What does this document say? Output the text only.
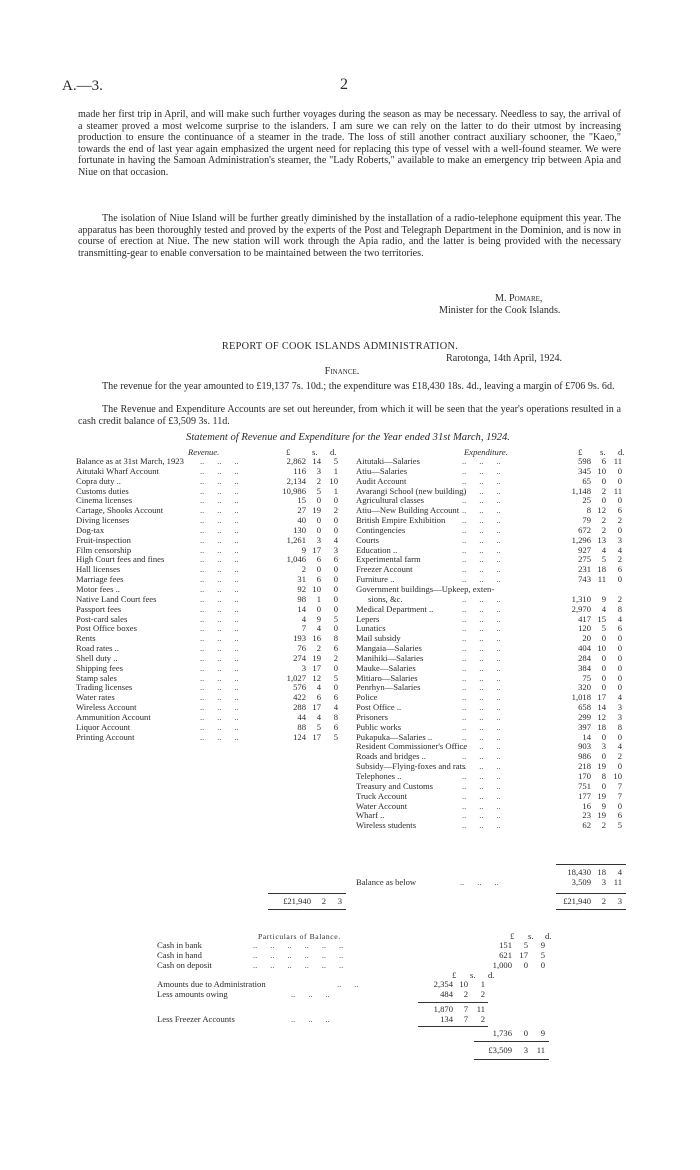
A.—3.	2
made her first trip in April, and will make such further voyages during the season as may be necessary. Needless to say, the arrival of a steamer proved a most welcome surprise to the islanders. I am sure we can rely on the latter to do their utmost by increasing production to ensure the continuance of a steamer in the trade. The loss of still another contract auxiliary schooner, the "Kaeo," towards the end of last year again emphasized the urgent need for replacing this type of vessel with a well-found steamer. We were fortunate in having the Samoan Administration's steamer, the "Lady Roberts," available to make an emergency trip between Apia and Niue on that occasion.
The isolation of Niue Island will be further greatly diminished by the installation of a radio-telephone equipment this year. The apparatus has been thoroughly tested and proved by the experts of the Post and Telegraph Department in the Dominion, and is now in course of erection at Niue. The new station will work through the Apia radio, and the latter is being provided with the necessary transmitting-gear to enable conversation to be maintained between the two territories.
M. Pomare,
Minister for the Cook Islands.
REPORT OF COOK ISLANDS ADMINISTRATION.
Rarotonga, 14th April, 1924.
Finance.
The revenue for the year amounted to £19,137 7s. 10d.; the expenditure was £18,430 18s. 4d., leaving a margin of £706 9s. 6d.
The Revenue and Expenditure Accounts are set out hereunder, from which it will be seen that the year's operations resulted in a cash credit balance of £3,509 3s. 11d.
Statement of Revenue and Expenditure for the Year ended 31st March, 1924.
Revenue.	£	s. d.	Expenditure.	£ s. d.
Balance as at 31st March, 1923 ..      ..      ..	2,862 14	5
Aitutaki Wharf Account	..      ..      ..	116	3	1
Copra duty ..	..      ..      ..	2,134	2 10
Customs duties	..      ..      ..	10,986	5	1
Cinema licenses	..      ..      ..	15	0	0
Cartage, Shooks Account	..      ..      ..	27 19	2
Diving licenses	..      ..      ..	40	0	0
Dog-tax	..      ..      ..	130	0	0
Fruit-inspection	..      ..      ..	1,261	3	4
Film censorship	..      ..      ..	9 17	3
High Court fees and fines	..      ..      ..	1,046	6	6
Hall licenses	..      ..      ..	2	0	0
Marriage fees	..      ..      ..	31	6	0
Motor fees ..	..      ..      ..	92 10	0
Native Land Court fees	..      ..      ..	98	1	0
Passport fees	..      ..      ..	14	0	0
Post-card sales	..      ..      ..	4	9	5
Post Office boxes	..      ..      ..	7	4	0
Rents	..      ..      ..	193 16	8
Road rates ..	..      ..      ..	76	2	6
Shell duty ..	..      ..      ..	274 19	2
Shipping fees	..      ..      ..	3 17	0
Stamp sales	..      ..      ..	1,027 12	5
Trading licenses	..      ..      ..	576	4	0
Water rates	..      ..      ..	422	6	6
Wireless Account	..      ..      ..	288 17	4
Ammunition Account	..      ..      ..	44	4	8
Liquor Account	..      ..      ..	88	5	6
Printing Account	..      ..      ..	124 17	5
Aitutaki—Salaries	..      ..      ..	598	6 11
Atiu—Salaries	..      ..      ..	345 10	0
Audit Account	..      ..      ..	65	0	0
Avarangi School (new building)
..      ..      ..	1,148	2 11
Agricultural classes	..      ..      ..	25	0	0
Atiu—New Building Account ..      ..      ..	8 12	6
British Empire Exhibition ..      ..      ..	79	2	2
Contingencies	..      ..      ..	672	2	0
Courts	..      ..      ..	1,296 13	3
Education ..	..      ..      ..	927	4	4
Experimental farm	..      ..      ..	275	5	2
Freezer Account	..      ..      ..	231 18	6
Furniture ..	..      ..      ..	743 11	0
Government buildings—Upkeep, exten-
sions, &c.	..      ..      ..	1,310	9	2
Medical Department ..	..      ..      ..	2,970	4	8
Lepers	..      ..      ..	417 15	4
Lunatics	..      ..      ..	120	5	6
Mail subsidy	..      ..      ..	20	0	0
Mangaia—Salaries	..      ..      ..	404 10	0
Manihiki—Salaries	..      ..      ..	284	0	0
Mauke—Salaries	..      ..      ..	384	0	0
Mitiaro—Salaries	..      ..      ..	75	0	0
Penrhyn—Salaries	..      ..      ..	320	0	0
Police	..      ..      ..	1,018 17	4
Post Office ..	..      ..      ..	658 14	3
Prisoners	..      ..      ..	299 12	3
Public works	..      ..      ..	397 18	8
Pukapuka—Salaries ..	..      ..      ..	14	0	0
Resident Commissioner's Office
..      ..      ..	903	3	4
Roads and bridges ..	..      ..      ..	986	0	2
Subsidy—Flying-foxes and rats
..      ..      ..	218 19	0
Telephones ..	..      ..      ..	170	8 10
Treasury and Customs	..      ..      ..	751	0	7
Truck Account	..      ..      ..	177 19	7
Water Account	..      ..      ..	16	9	0
Wharf ..	..      ..      ..	23 19	6
Wireless students	..      ..      ..	62	2	5
18,430 18	4
Balance as below	..      ..      ..	3,509	3 11
£21,940	2	3	£21,940	2	3
Particulars of Balance.	£ s. d.
Cash in bank	..      ..      ..      ..      ..      ..	151	5	9
Cash in hand	..      ..      ..      ..      ..      ..	621 17	5
Cash on deposit	..      ..      ..      ..      ..      ..	1,000	0	0
£ s. d.
Amounts due to Administration	..      ..	2,354 10	1
Less amounts owing	..      ..      ..	484	2	2
1,870	7	11
Less Freezer Accounts	..      ..      ..	134	7	2
1,736	0	9
£3,509	3	11
